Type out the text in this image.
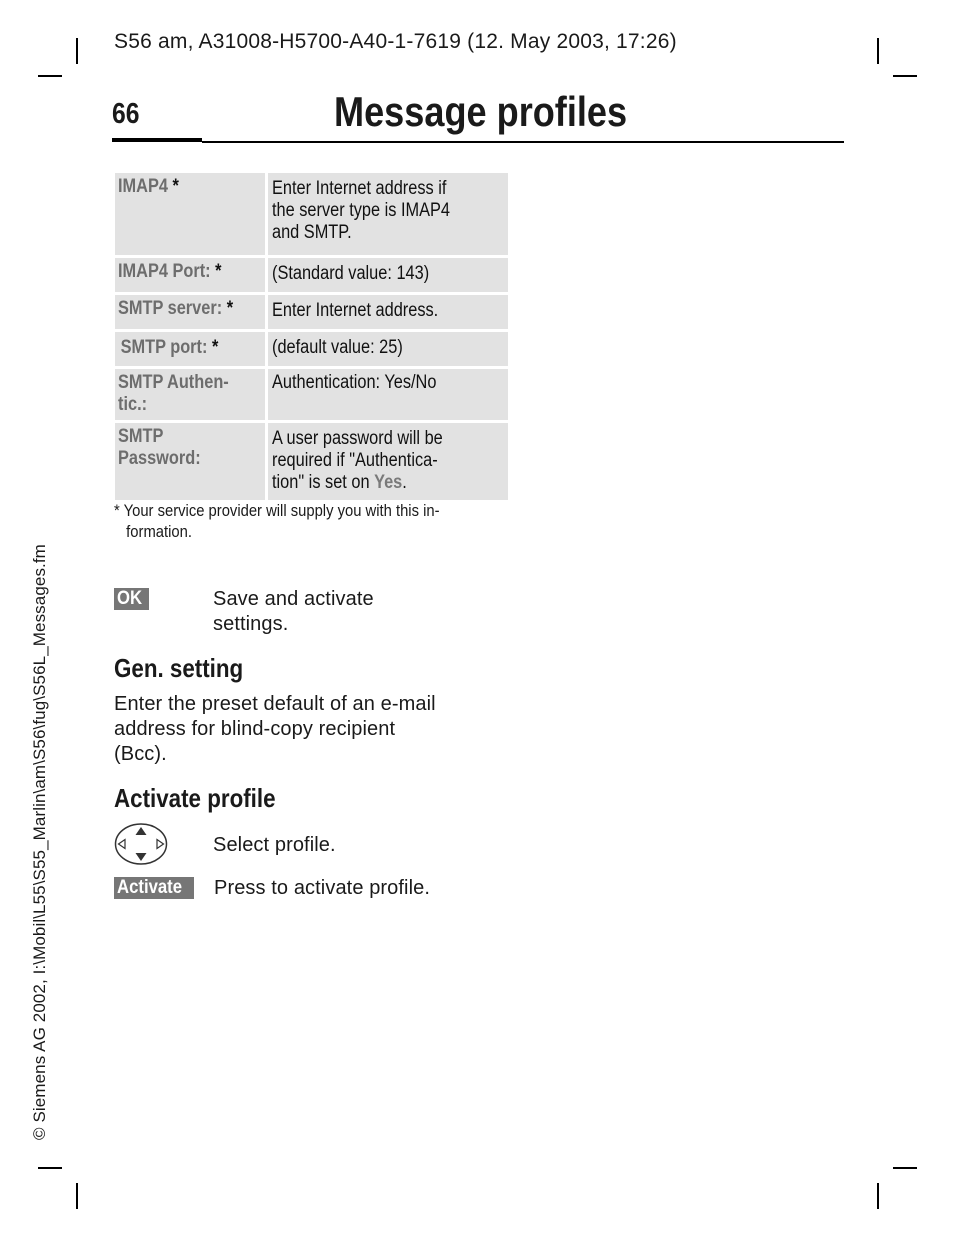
S56 am, A31008-H5700-A40-1-7619 (12. May 2003, 17:26)
66	Message profiles
IMAP4 *	Enter Internet address if
the server type is IMAP4
and SMTP.
IMAP4 Port: *	(Standard value: 143)
SMTP server: *	Enter Internet address.
SMTP port: *	(default value: 25)
SMTP Authen-
tic.:	Authentication: Yes/No
SMTP
Password:	A user password will be
required if "Authentica-
tion" is set on Yes.
* Your service provider will supply you with this in-
formation.
OK	Save and activate
settings.
Gen. setting
Enter the preset default of an e-mail
address for blind-copy recipient
(Bcc).
Activate profile
Select profile.
Activate	Press to activate profile.
© Siemens AG 2002, I:\Mobil\L55\S55_Marlin\am\S56\fug\S56L_Messages.fm
